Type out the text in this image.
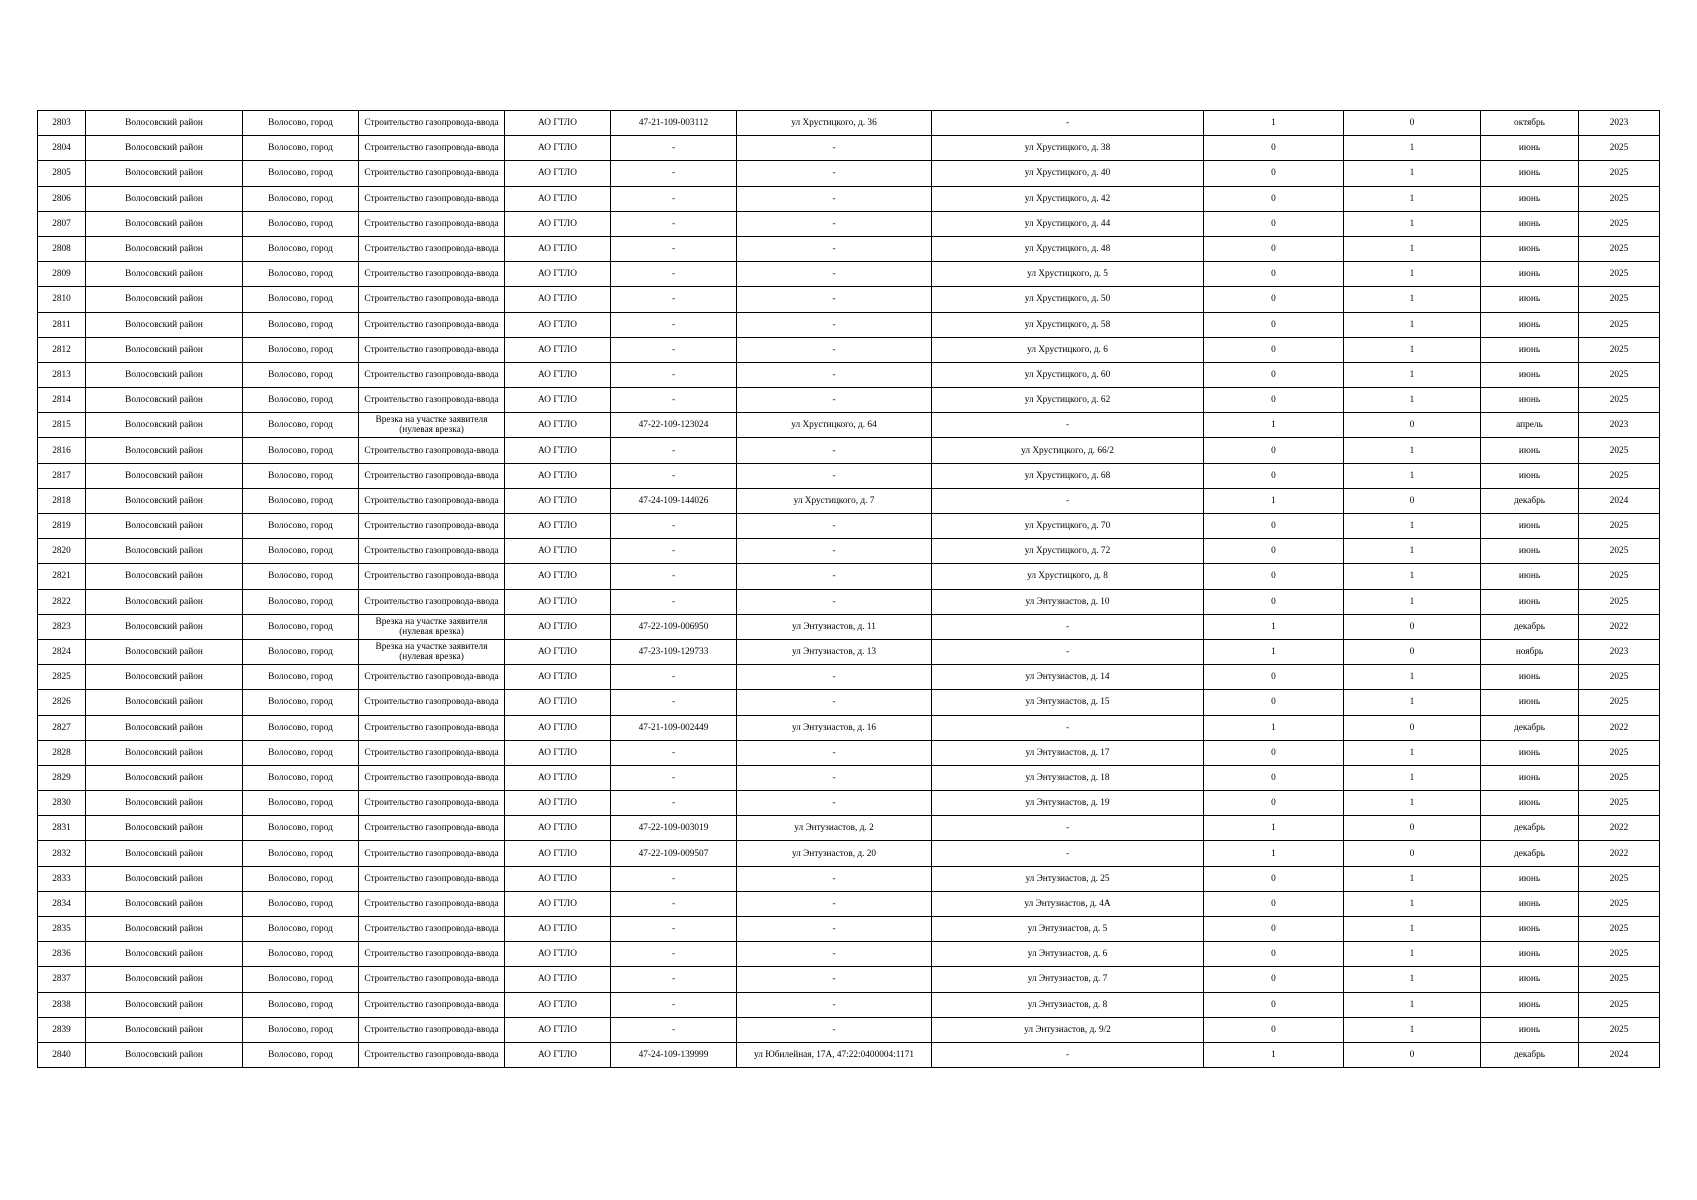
2803	Волосовский район	Волосово, город	Строительство газопровода-ввода	АО ГТЛО	47-21-109-003112	ул Хрустицкого, д. 36	-	1	0	октябрь	2023
2804	Волосовский район	Волосово, город	Строительство газопровода-ввода	АО ГТЛО	-	-	ул Хрустицкого, д. 38	0	1	июнь	2025
2805	Волосовский район	Волосово, город	Строительство газопровода-ввода	АО ГТЛО	-	-	ул Хрустицкого, д. 40	0	1	июнь	2025
2806	Волосовский район	Волосово, город	Строительство газопровода-ввода	АО ГТЛО	-	-	ул Хрустицкого, д. 42	0	1	июнь	2025
2807	Волосовский район	Волосово, город	Строительство газопровода-ввода	АО ГТЛО	-	-	ул Хрустицкого, д. 44	0	1	июнь	2025
2808	Волосовский район	Волосово, город	Строительство газопровода-ввода	АО ГТЛО	-	-	ул Хрустицкого, д. 48	0	1	июнь	2025
2809	Волосовский район	Волосово, город	Строительство газопровода-ввода	АО ГТЛО	-	-	ул Хрустицкого, д. 5	0	1	июнь	2025
2810	Волосовский район	Волосово, город	Строительство газопровода-ввода	АО ГТЛО	-	-	ул Хрустицкого, д. 50	0	1	июнь	2025
2811	Волосовский район	Волосово, город	Строительство газопровода-ввода	АО ГТЛО	-	-	ул Хрустицкого, д. 58	0	1	июнь	2025
2812	Волосовский район	Волосово, город	Строительство газопровода-ввода	АО ГТЛО	-	-	ул Хрустицкого, д. 6	0	1	июнь	2025
2813	Волосовский район	Волосово, город	Строительство газопровода-ввода	АО ГТЛО	-	-	ул Хрустицкого, д. 60	0	1	июнь	2025
2814	Волосовский район	Волосово, город	Строительство газопровода-ввода	АО ГТЛО	-	-	ул Хрустицкого, д. 62	0	1	июнь	2025
2815	Волосовский район	Волосово, город	Врезка на участке заявителя (нулевая врезка)	АО ГТЛО	47-22-109-123024	ул Хрустицкого, д. 64	-	1	0	апрель	2023
2816	Волосовский район	Волосово, город	Строительство газопровода-ввода	АО ГТЛО	-	-	ул Хрустицкого, д. 66/2	0	1	июнь	2025
2817	Волосовский район	Волосово, город	Строительство газопровода-ввода	АО ГТЛО	-	-	ул Хрустицкого, д. 68	0	1	июнь	2025
2818	Волосовский район	Волосово, город	Строительство газопровода-ввода	АО ГТЛО	47-24-109-144026	ул Хрустицкого, д. 7	-	1	0	декабрь	2024
2819	Волосовский район	Волосово, город	Строительство газопровода-ввода	АО ГТЛО	-	-	ул Хрустицкого, д. 70	0	1	июнь	2025
2820	Волосовский район	Волосово, город	Строительство газопровода-ввода	АО ГТЛО	-	-	ул Хрустицкого, д. 72	0	1	июнь	2025
2821	Волосовский район	Волосово, город	Строительство газопровода-ввода	АО ГТЛО	-	-	ул Хрустицкого, д. 8	0	1	июнь	2025
2822	Волосовский район	Волосово, город	Строительство газопровода-ввода	АО ГТЛО	-	-	ул Энтузиастов, д. 10	0	1	июнь	2025
2823	Волосовский район	Волосово, город	Врезка на участке заявителя (нулевая врезка)	АО ГТЛО	47-22-109-006950	ул Энтузиастов, д. 11	-	1	0	декабрь	2022
2824	Волосовский район	Волосово, город	Врезка на участке заявителя (нулевая врезка)	АО ГТЛО	47-23-109-129733	ул Энтузиастов, д. 13	-	1	0	ноябрь	2023
2825	Волосовский район	Волосово, город	Строительство газопровода-ввода	АО ГТЛО	-	-	ул Энтузиастов, д. 14	0	1	июнь	2025
2826	Волосовский район	Волосово, город	Строительство газопровода-ввода	АО ГТЛО	-	-	ул Энтузиастов, д. 15	0	1	июнь	2025
2827	Волосовский район	Волосово, город	Строительство газопровода-ввода	АО ГТЛО	47-21-109-002449	ул Энтузиастов, д. 16	-	1	0	декабрь	2022
2828	Волосовский район	Волосово, город	Строительство газопровода-ввода	АО ГТЛО	-	-	ул Энтузиастов, д. 17	0	1	июнь	2025
2829	Волосовский район	Волосово, город	Строительство газопровода-ввода	АО ГТЛО	-	-	ул Энтузиастов, д. 18	0	1	июнь	2025
2830	Волосовский район	Волосово, город	Строительство газопровода-ввода	АО ГТЛО	-	-	ул Энтузиастов, д. 19	0	1	июнь	2025
2831	Волосовский район	Волосово, город	Строительство газопровода-ввода	АО ГТЛО	47-22-109-003019	ул Энтузиастов, д. 2	-	1	0	декабрь	2022
2832	Волосовский район	Волосово, город	Строительство газопровода-ввода	АО ГТЛО	47-22-109-009507	ул Энтузиастов, д. 20	-	1	0	декабрь	2022
2833	Волосовский район	Волосово, город	Строительство газопровода-ввода	АО ГТЛО	-	-	ул Энтузиастов, д. 25	0	1	июнь	2025
2834	Волосовский район	Волосово, город	Строительство газопровода-ввода	АО ГТЛО	-	-	ул Энтузиастов, д. 4А	0	1	июнь	2025
2835	Волосовский район	Волосово, город	Строительство газопровода-ввода	АО ГТЛО	-	-	ул Энтузиастов, д. 5	0	1	июнь	2025
2836	Волосовский район	Волосово, город	Строительство газопровода-ввода	АО ГТЛО	-	-	ул Энтузиастов, д. 6	0	1	июнь	2025
2837	Волосовский район	Волосово, город	Строительство газопровода-ввода	АО ГТЛО	-	-	ул Энтузиастов, д. 7	0	1	июнь	2025
2838	Волосовский район	Волосово, город	Строительство газопровода-ввода	АО ГТЛО	-	-	ул Энтузиастов, д. 8	0	1	июнь	2025
2839	Волосовский район	Волосово, город	Строительство газопровода-ввода	АО ГТЛО	-	-	ул Энтузиастов, д. 9/2	0	1	июнь	2025
2840	Волосовский район	Волосово, город	Строительство газопровода-ввода	АО ГТЛО	47-24-109-139999	ул Юбилейная, 17А, 47:22:0400004:1171	-	1	0	декабрь	2024
